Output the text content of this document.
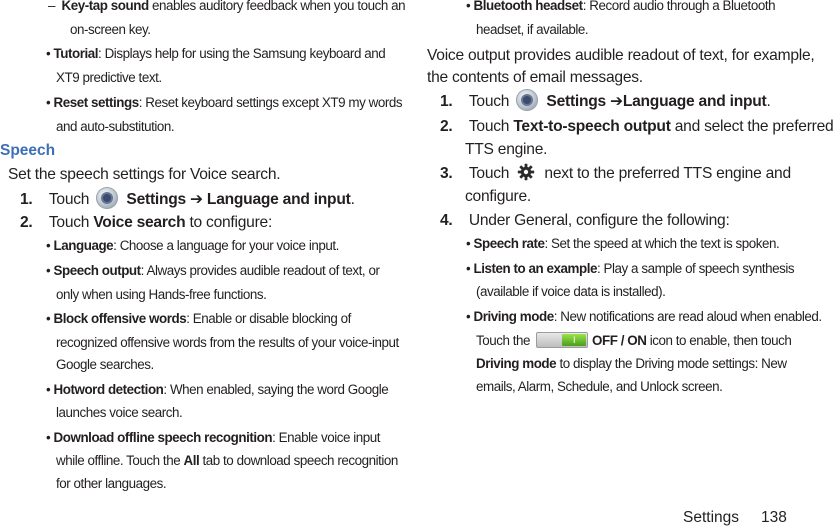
– Key-tap sound enables auditory feedback when you touch an
on-screen key.
• Tutorial: Displays help for using the Samsung keyboard and
XT9 predictive text.
• Reset settings: Reset keyboard settings except XT9 my words
and auto-substitution.
Speech
Set the speech settings for Voice search.
1. Touch Settings ➔ Language and input.
2. Touch Voice search to configure:
• Language: Choose a language for your voice input.
• Speech output: Always provides audible readout of text, or
only when using Hands-free functions.
• Block offensive words: Enable or disable blocking of
recognized offensive words from the results of your voice-input
Google searches.
• Hotword detection: When enabled, saying the word Google
launches voice search.
• Download offline speech recognition: Enable voice input
while offline. Touch the All tab to download speech recognition
for other languages.
• Bluetooth headset: Record audio through a Bluetooth
headset, if available.
Voice output provides audible readout of text, for example,
the contents of email messages.
1. Touch Settings ➔Language and input.
2. Touch Text-to-speech output and select the preferred
TTS engine.
3. Touch next to the preferred TTS engine and
configure.
4. Under General, configure the following:
• Speech rate: Set the speed at which the text is spoken.
• Listen to an example: Play a sample of speech synthesis
(available if voice data is installed).
• Driving mode: New notifications are read aloud when enabled.
Touch theI	OFF / ON icon to enable, then touch
Driving mode to display the Driving mode settings: New
emails, Alarm, Schedule, and Unlock screen.
Settings 138
